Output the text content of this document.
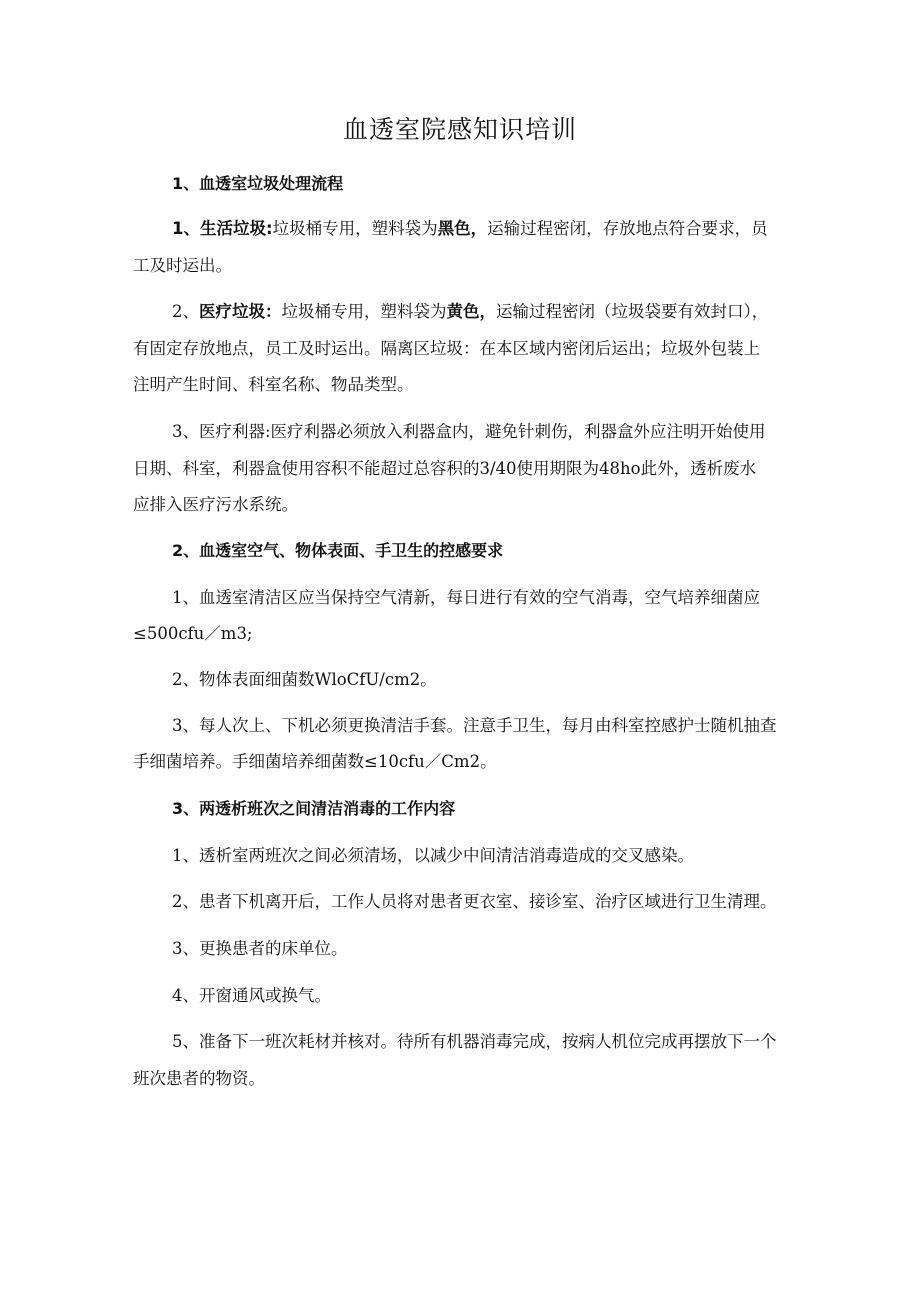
血透室院感知识培训
1、血透室垃圾处理流程
1、生活垃圾:垃圾桶专用，塑料袋为黑色，运输过程密闭，存放地点符合要求，员
工及时运出。
2、医疗垃圾：垃圾桶专用，塑料袋为黄色，运输过程密闭（垃圾袋要有效封口），
有固定存放地点，员工及时运出。隔离区垃圾：在本区域内密闭后运出；垃圾外包装上
注明产生时间、科室名称、物品类型。
3、医疗利器:医疗利器必须放入利器盒内，避免针刺伤，利器盒外应注明开始使用
日期、科室，利器盒使用容积不能超过总容积的3/40使用期限为48ho此外，透析废水
应排入医疗污水系统。
2、血透室空气、物体表面、手卫生的控感要求
1、血透室清洁区应当保持空气清新，每日进行有效的空气消毒，空气培养细菌应
≤500cfu／m3;
2、物体表面细菌数WloCfU/cm2。
3、每人次上、下机必须更换清洁手套。注意手卫生，每月由科室控感护士随机抽查
手细菌培养。手细菌培养细菌数≤10cfu／Cm2。
3、两透析班次之间清洁消毒的工作内容
1、透析室两班次之间必须清场，以减少中间清洁消毒造成的交叉感染。
2、患者下机离开后，工作人员将对患者更衣室、接诊室、治疗区域进行卫生清理。
3、更换患者的床单位。
4、开窗通风或换气。
5、准备下一班次耗材并核对。待所有机器消毒完成，按病人机位完成再摆放下一个
班次患者的物资。
